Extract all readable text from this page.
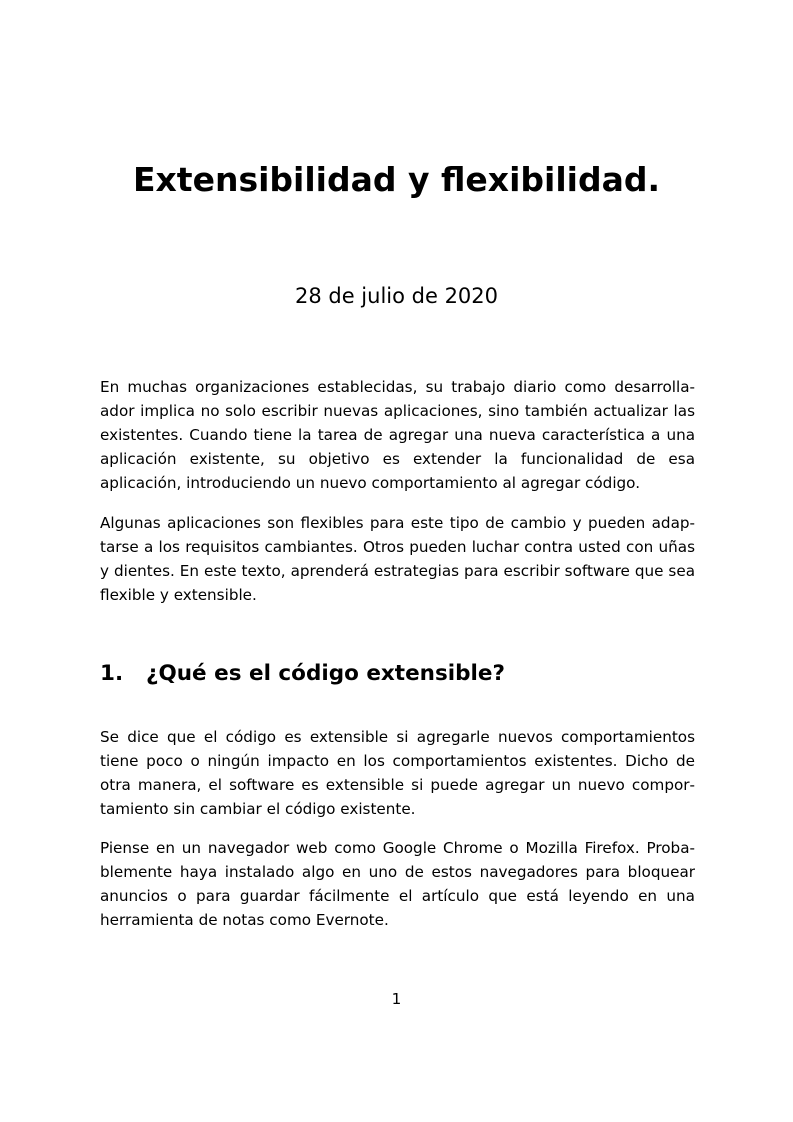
Extensibilidad y flexibilidad.

28 de julio de 2020

En muchas organizaciones establecidas, su trabajo diario como desarrollaador implica no solo escribir nuevas aplicaciones, sino también actualizar las existentes. Cuando tiene la tarea de agregar una nueva característica a una aplicación existente, su objetivo es extender la funcionalidad de esa aplicación, introduciendo un nuevo comportamiento al agregar código.

Algunas aplicaciones son flexibles para este tipo de cambio y pueden adaptarse a los requisitos cambiantes. Otros pueden luchar contra usted con uñas y dientes. En este texto, aprenderá estrategias para escribir software que sea flexible y extensible.

1. ¿Qué es el código extensible?

Se dice que el código es extensible si agregarle nuevos comportamientos tiene poco o ningún impacto en los comportamientos existentes. Dicho de otra manera, el software es extensible si puede agregar un nuevo comportamiento sin cambiar el código existente.

Piense en un navegador web como Google Chrome o Mozilla Firefox. Probablemente haya instalado algo en uno de estos navegadores para bloquear anuncios o para guardar fácilmente el artículo que está leyendo en una herramienta de notas como Evernote.

1
